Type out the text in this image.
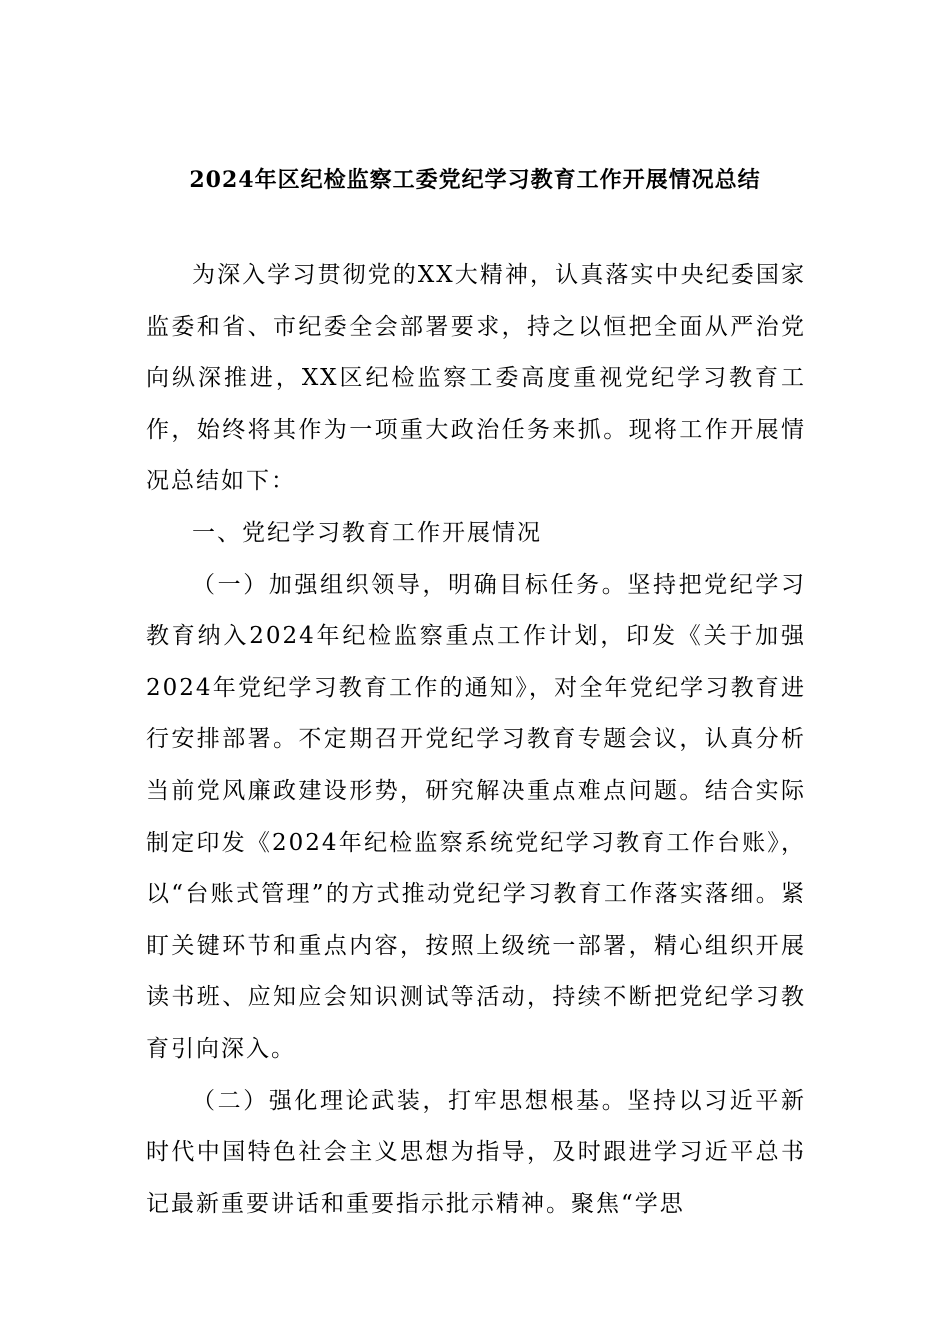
2024年区纪检监察工委党纪学习教育工作开展情况总结

为深入学习贯彻党的XX大精神，认真落实中央纪委国家监委和省、市纪委全会部署要求，持之以恒把全面从严治党向纵深推进，XX区纪检监察工委高度重视党纪学习教育工作，始终将其作为一项重大政治任务来抓。现将工作开展情况总结如下：

一、党纪学习教育工作开展情况

（一）加强组织领导，明确目标任务。坚持把党纪学习教育纳入2024年纪检监察重点工作计划，印发《关于加强2024年党纪学习教育工作的通知》，对全年党纪学习教育进行安排部署。不定期召开党纪学习教育专题会议，认真分析当前党风廉政建设形势，研究解决重点难点问题。结合实际制定印发《2024年纪检监察系统党纪学习教育工作台账》，以“台账式管理”的方式推动党纪学习教育工作落实落细。紧盯关键环节和重点内容，按照上级统一部署，精心组织开展读书班、应知应会知识测试等活动，持续不断把党纪学习教育引向深入。

（二）强化理论武装，打牢思想根基。坚持以习近平新时代中国特色社会主义思想为指导，及时跟进学习近平总书记最新重要讲话和重要指示批示精神。聚焦“学思
